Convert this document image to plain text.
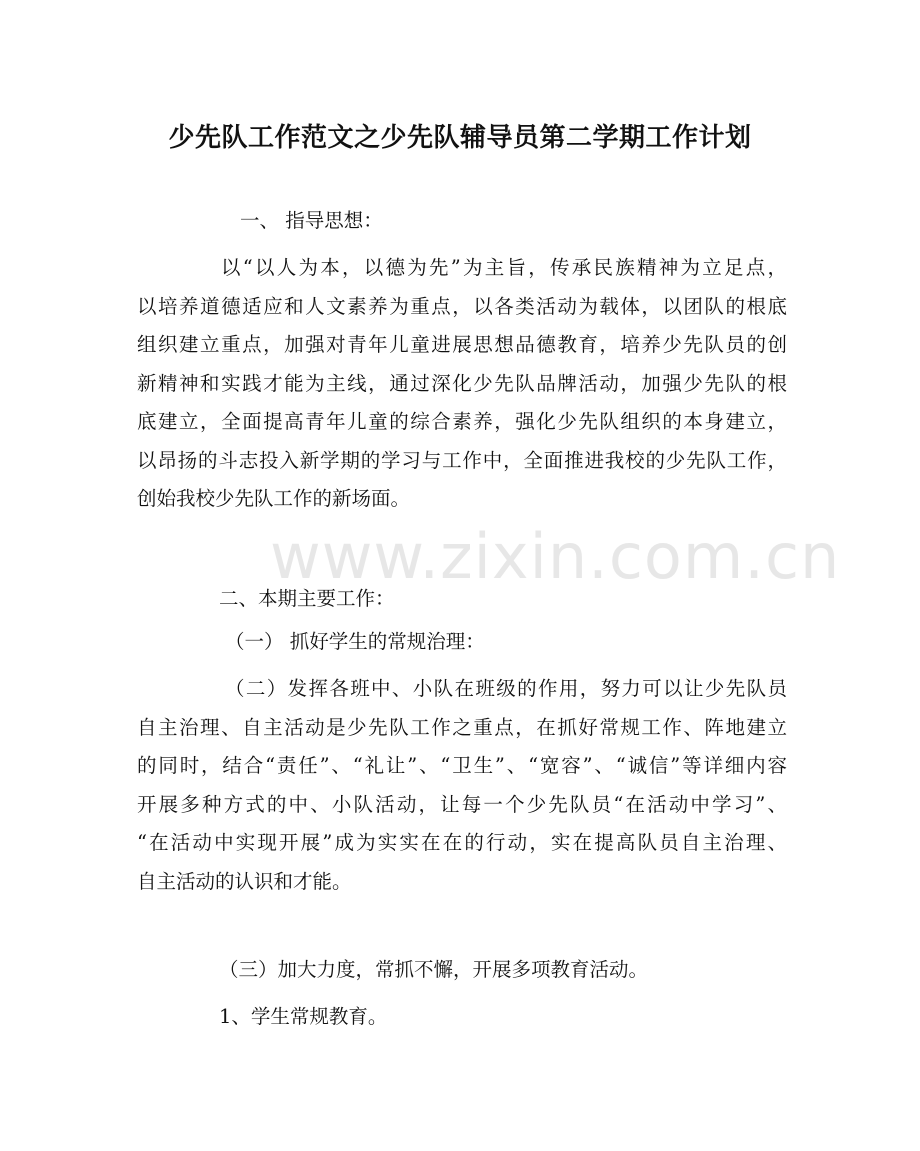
少先队工作范文之少先队辅导员第二学期工作计划
一、 指导思想：
以“以人为本，以德为先”为主旨，传承民族精神为立足点，
以培养道德适应和人文素养为重点，以各类活动为载体，以团队的根底
组织建立重点，加强对青年儿童进展思想品德教育，培养少先队员的创
新精神和实践才能为主线，通过深化少先队品牌活动，加强少先队的根
底建立，全面提高青年儿童的综合素养，强化少先队组织的本身建立，
以昂扬的斗志投入新学期的学习与工作中，全面推进我校的少先队工作，
创始我校少先队工作的新场面。
二、本期主要工作：
（一） 抓好学生的常规治理：
（二）发挥各班中、小队在班级的作用，努力可以让少先队员
自主治理、自主活动是少先队工作之重点，在抓好常规工作、阵地建立
的同时，结合“责任”、“礼让”、“卫生”、“宽容”、“诚信”等详细内容
开展多种方式的中、小队活动，让每一个少先队员“在活动中学习”、
“在活动中实现开展”成为实实在在的行动，实在提高队员自主治理、
自主活动的认识和才能。
（三）加大力度，常抓不懈，开展多项教育活动。
1、学生常规教育。
www.zixin.com.cn
